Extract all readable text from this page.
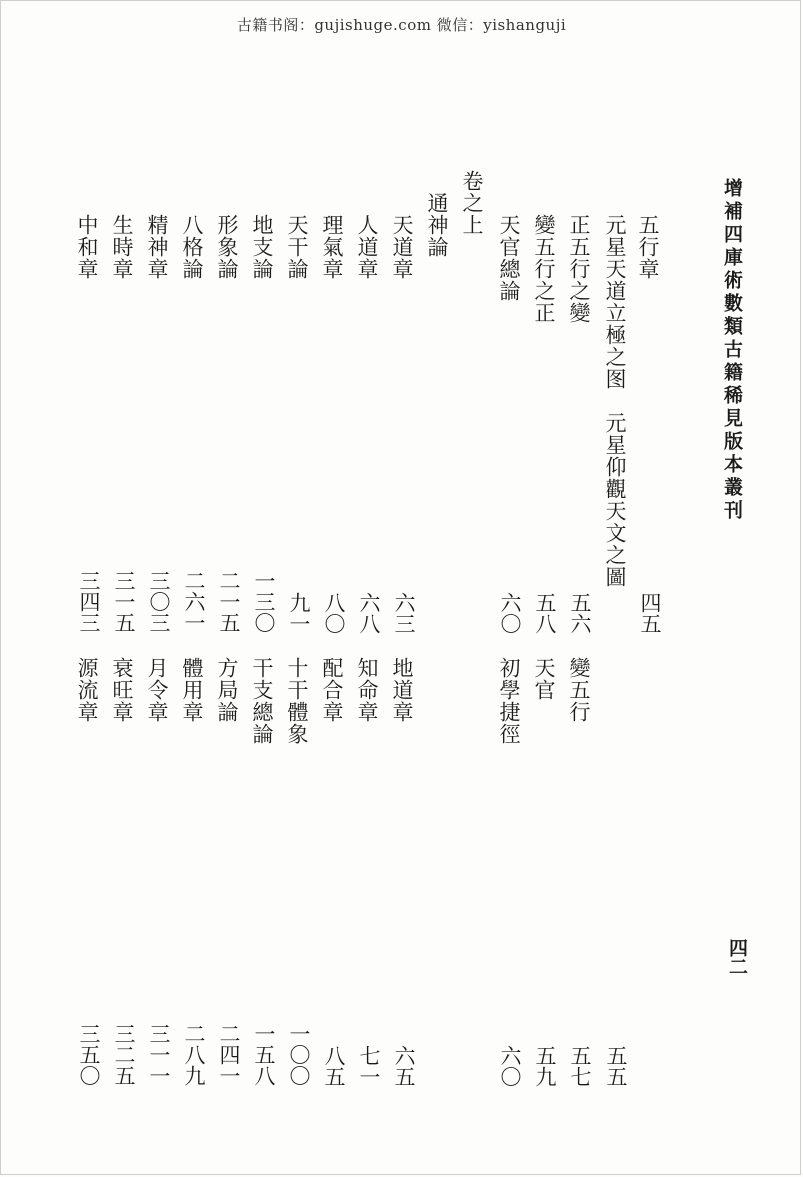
古籍书阁：gujishuge.com 微信：yishanguji
增補四庫術數類古籍稀見版本叢刊
四二
五行章
四五
五五
元星天道立極之图　元星仰觀天文之圖
正五行之變
五六
變五行
五七
變五行之正
五八
天官
五九
天官總論
六〇
初學捷徑
六〇
卷之上
通神論
天道章
六三
地道章
六五
人道章
六八
知命章
七一
理氣章
八〇
配合章
八五
天干論
九一
十干體象
一〇〇
地支論
一三〇
干支總論
一五八
形象論
二一五
方局論
二四一
八格論
二六一
體用章
二八九
精神章
三〇三
月令章
三一一
生時章
三一五
衰旺章
三二五
中和章
三四三
源流章
三五〇
